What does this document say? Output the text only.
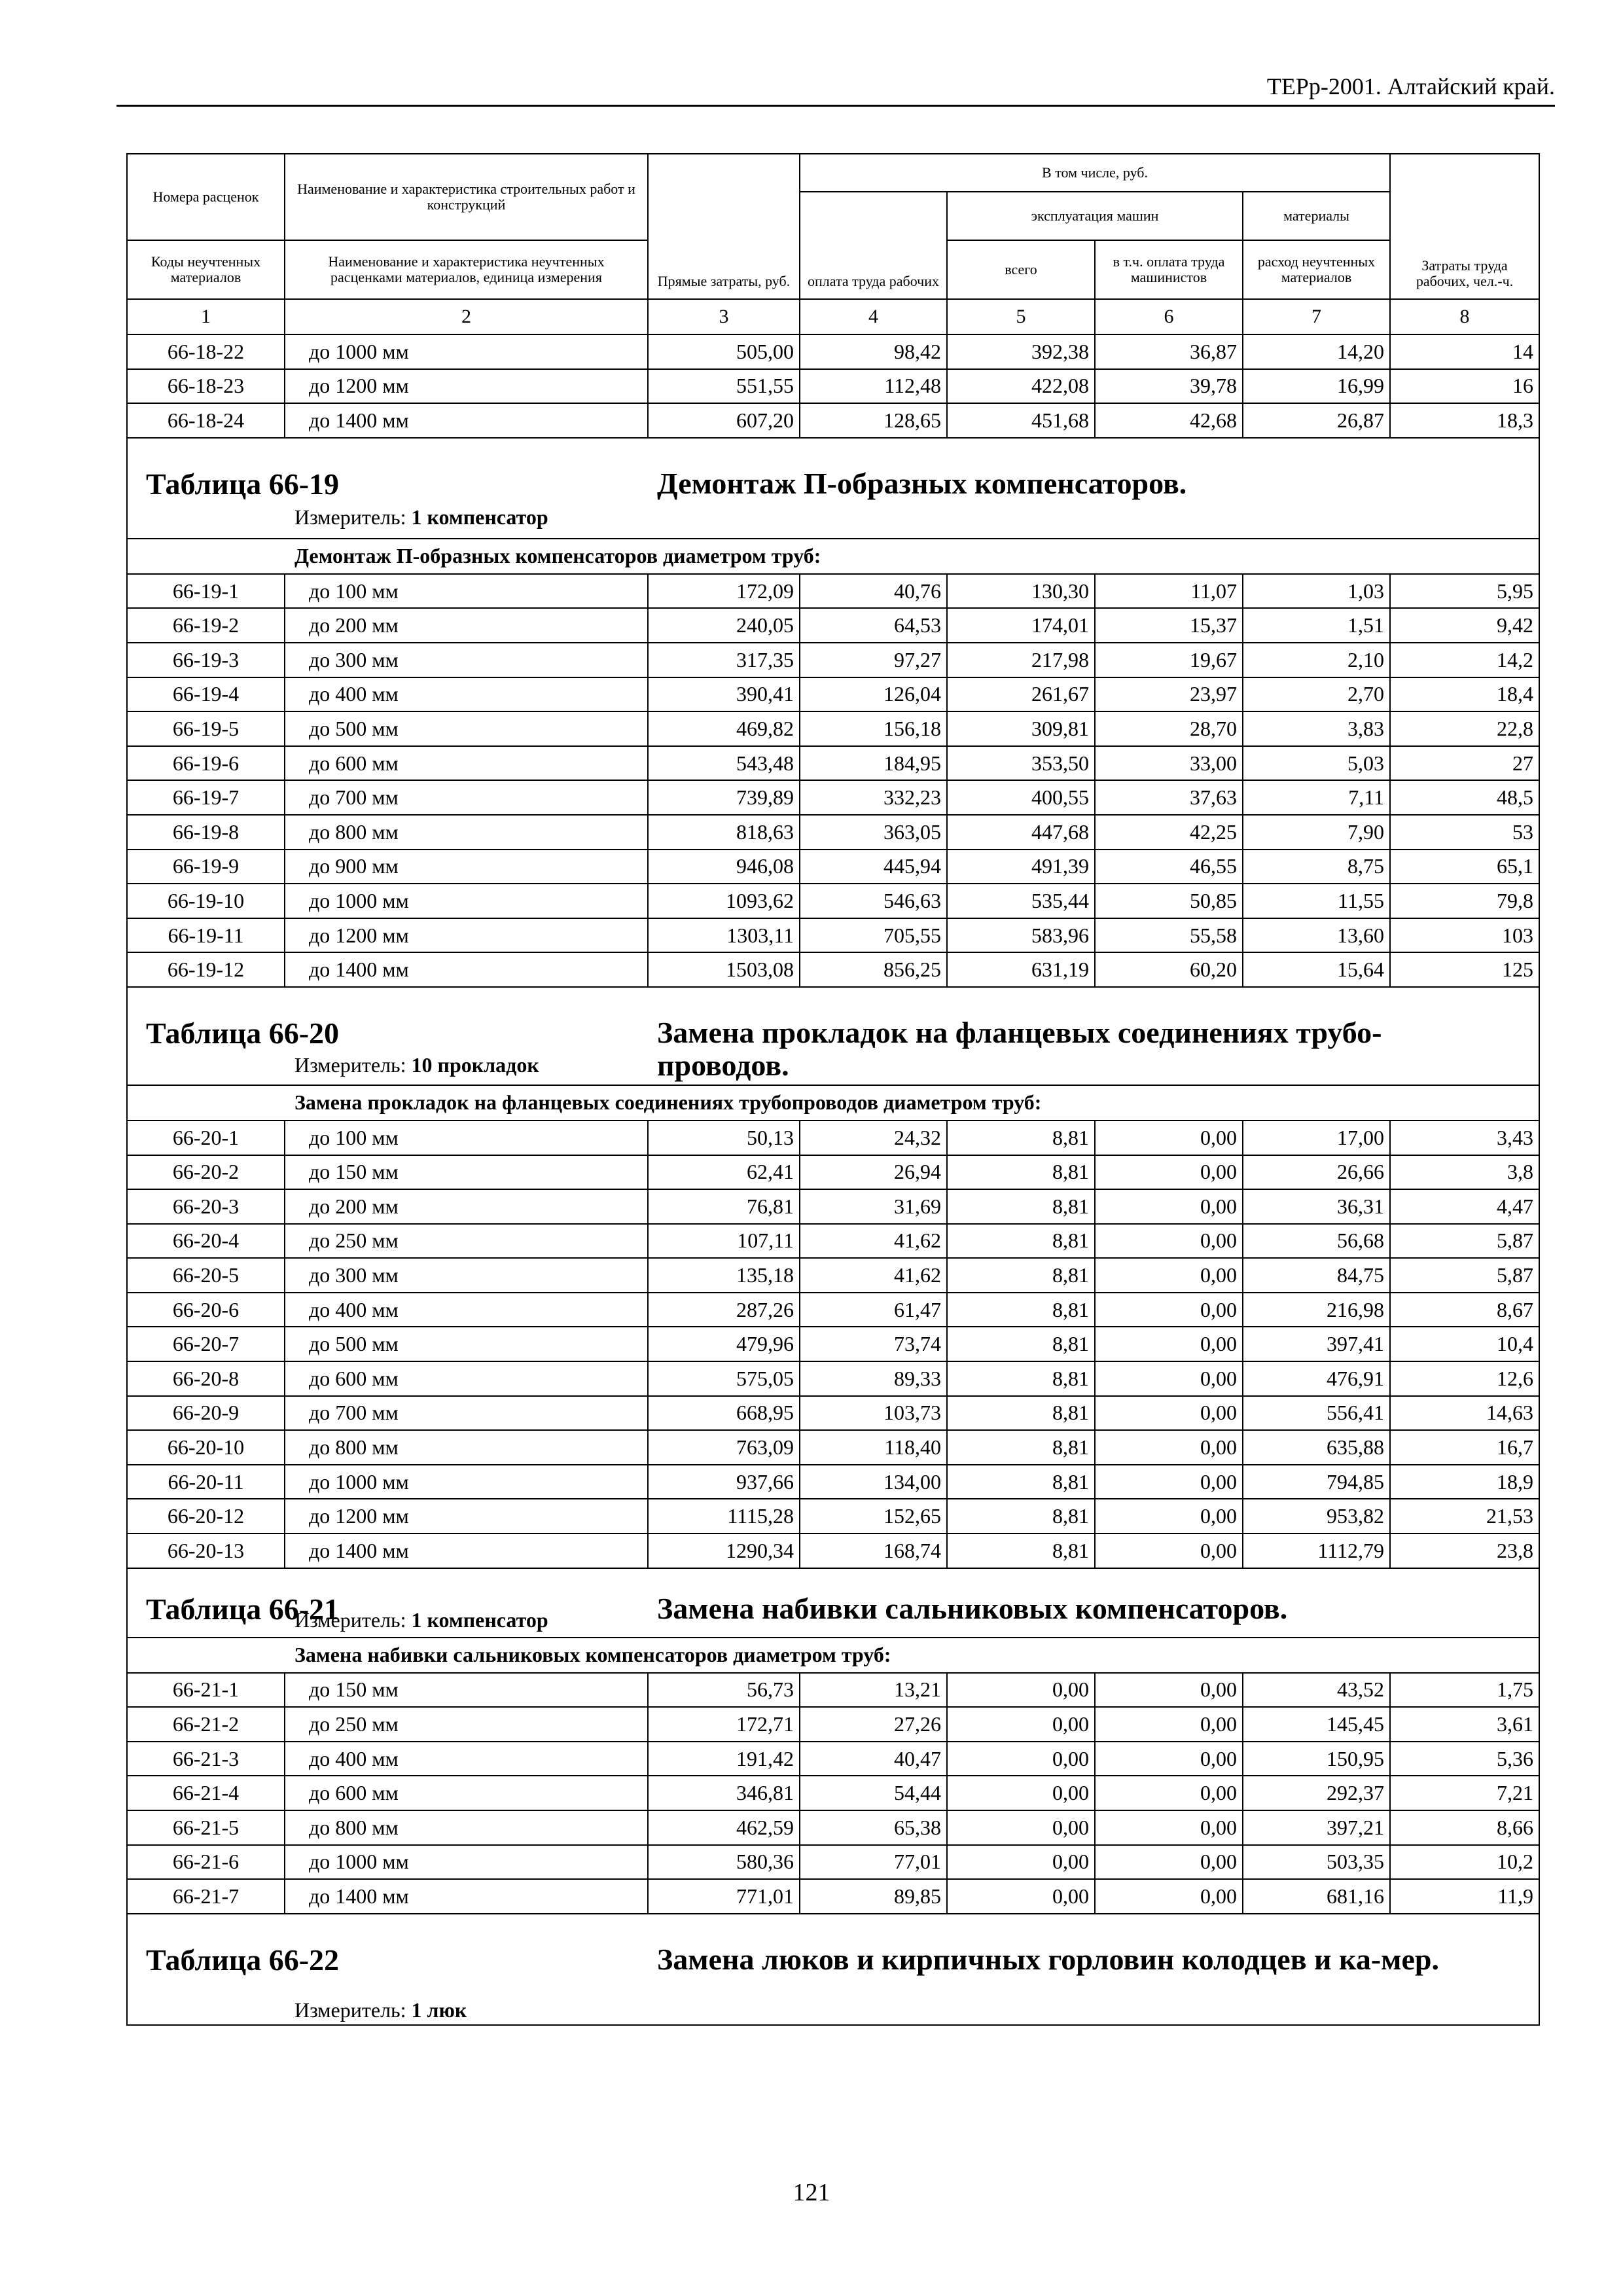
ТЕРр-2001. Алтайский край.
Номера расценок	Наименование и характеристика строительных работ и конструкций	Прямые затраты, руб.	В том числе, руб.				Затраты труда рабочих, чел.-ч.
			оплата труда рабочих	эксплуатация машин		материалы	
Коды неучтенных материалов	Наименование и характеристика неучтенных расценками материалов, единица измерения			всего	в т.ч. оплата труда машинистов	расход неучтенных материалов	
1	2	3	4	5	6	7	8
66-18-22	до 1000 мм	505,00	98,42	392,38	36,87	14,20	14
66-18-23	до 1200 мм	551,55	112,48	422,08	39,78	16,99	16
66-18-24	до 1400 мм	607,20	128,65	451,68	42,68	26,87	18,3

Таблица 66-19 Демонтаж П-образных компенсаторов.
Измеритель: 1 компенсатор							

Демонтаж П-образных компенсаторов диаметром труб:							
66-19-1	до 100 мм	172,09	40,76	130,30	11,07	1,03	5,95
66-19-2	до 200 мм	240,05	64,53	174,01	15,37	1,51	9,42
66-19-3	до 300 мм	317,35	97,27	217,98	19,67	2,10	14,2
66-19-4	до 400 мм	390,41	126,04	261,67	23,97	2,70	18,4
66-19-5	до 500 мм	469,82	156,18	309,81	28,70	3,83	22,8
66-19-6	до 600 мм	543,48	184,95	353,50	33,00	5,03	27
66-19-7	до 700 мм	739,89	332,23	400,55	37,63	7,11	48,5
66-19-8	до 800 мм	818,63	363,05	447,68	42,25	7,90	53
66-19-9	до 900 мм	946,08	445,94	491,39	46,55	8,75	65,1
66-19-10	до 1000 мм	1093,62	546,63	535,44	50,85	11,55	79,8
66-19-11	до 1200 мм	1303,11	705,55	583,96	55,58	13,60	103
66-19-12	до 1400 мм	1503,08	856,25	631,19	60,20	15,64	125

Таблица 66-20 Замена прокладок на фланцевых соединениях трубо-проводов.
Измеритель: 10 прокладок							

Замена прокладок на фланцевых соединениях трубопроводов диаметром труб:							
66-20-1	до 100 мм	50,13	24,32	8,81	0,00	17,00	3,43
66-20-2	до 150 мм	62,41	26,94	8,81	0,00	26,66	3,8
66-20-3	до 200 мм	76,81	31,69	8,81	0,00	36,31	4,47
66-20-4	до 250 мм	107,11	41,62	8,81	0,00	56,68	5,87
66-20-5	до 300 мм	135,18	41,62	8,81	0,00	84,75	5,87
66-20-6	до 400 мм	287,26	61,47	8,81	0,00	216,98	8,67
66-20-7	до 500 мм	479,96	73,74	8,81	0,00	397,41	10,4
66-20-8	до 600 мм	575,05	89,33	8,81	0,00	476,91	12,6
66-20-9	до 700 мм	668,95	103,73	8,81	0,00	556,41	14,63
66-20-10	до 800 мм	763,09	118,40	8,81	0,00	635,88	16,7
66-20-11	до 1000 мм	937,66	134,00	8,81	0,00	794,85	18,9
66-20-12	до 1200 мм	1115,28	152,65	8,81	0,00	953,82	21,53
66-20-13	до 1400 мм	1290,34	168,74	8,81	0,00	1112,79	23,8

Таблица 66-21 Замена набивки сальниковых компенсаторов.
Измеритель: 1 компенсатор							

Замена набивки сальниковых компенсаторов диаметром труб:							
66-21-1	до 150 мм	56,73	13,21	0,00	0,00	43,52	1,75
66-21-2	до 250 мм	172,71	27,26	0,00	0,00	145,45	3,61
66-21-3	до 400 мм	191,42	40,47	0,00	0,00	150,95	5,36
66-21-4	до 600 мм	346,81	54,44	0,00	0,00	292,37	7,21
66-21-5	до 800 мм	462,59	65,38	0,00	0,00	397,21	8,66
66-21-6	до 1000 мм	580,36	77,01	0,00	0,00	503,35	10,2
66-21-7	до 1400 мм	771,01	89,85	0,00	0,00	681,16	11,9

Таблица 66-22 Замена люков и кирпичных горловин колодцев и ка-мер.
Измеритель: 1 люк							
121
